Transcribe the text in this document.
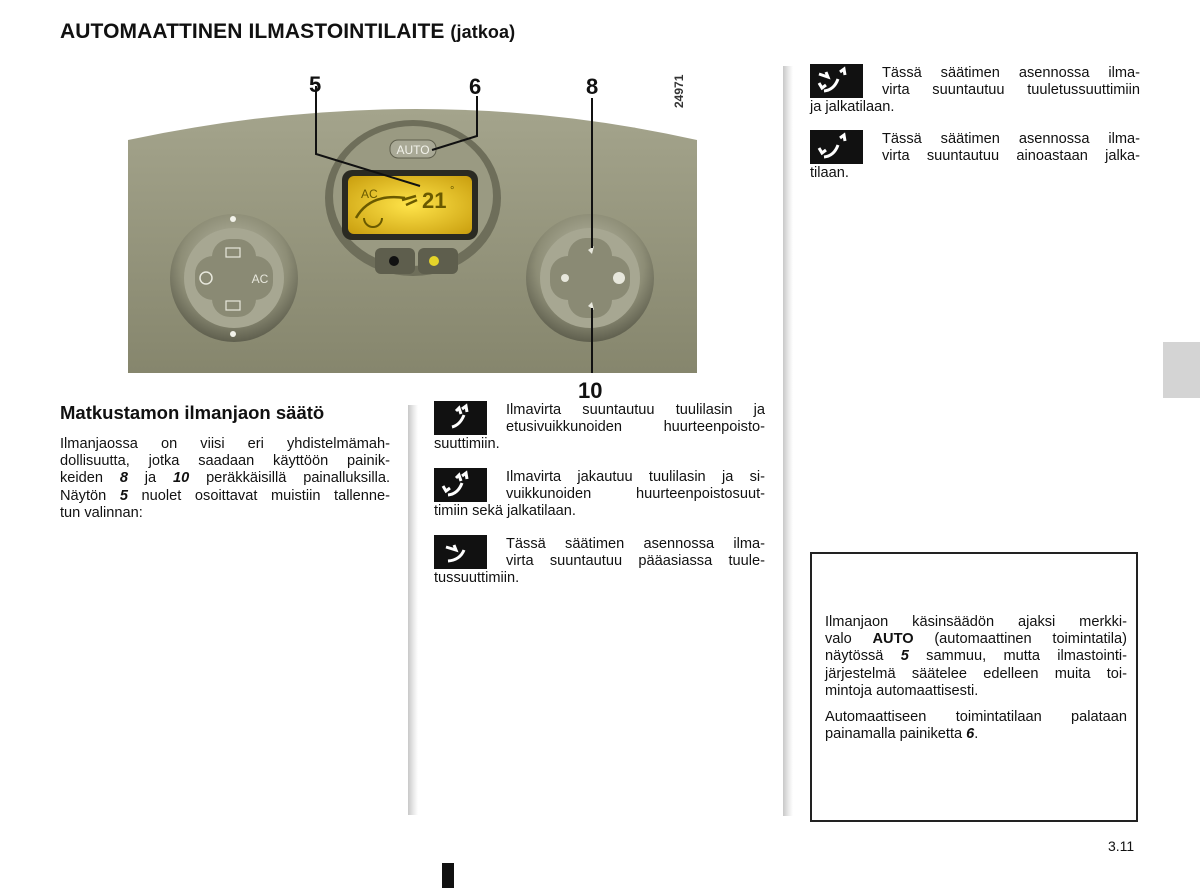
AUTOMAATTINEN ILMASTOINTILAITE (jatkoa)
AUTO
AC 21 °
AC
5	6	8
10
24971
Matkustamon ilmanjaon säätö
Ilmanjaossa on viisi eri yhdistelmämah-
dollisuutta, jotka saadaan käyttöön painik-
keiden 8 ja 10 peräkkäisillä painalluksilla.
Näytön 5 nuolet osoittavat muistiin tallenne-
tun valinnan:
Ilmavirta suuntautuu tuulilasin ja
etusivuikkunoiden huurteenpoisto-
suuttimiin.
Ilmavirta jakautuu tuulilasin ja si-
vuikkunoiden huurteenpoistosuut-
timiin sekä jalkatilaan.
Tässä säätimen asennossa ilma-
virta suuntautuu pääasiassa tuule-
tussuuttimiin.
Tässä säätimen asennossa ilma-
virta suuntautuu tuuletussuuttimiin
ja jalkatilaan.
Tässä säätimen asennossa ilma-
virta suuntautuu ainoastaan jalka-
tilaan.
Ilmanjaon käsinsäädön ajaksi merkki-
valo AUTO (automaattinen toimintatila)
näytössä 5 sammuu, mutta ilmastointi-
järjestelmä säätelee edelleen muita toi-
mintoja automaattisesti.
Automaattiseen toimintatilaan palataan
painamalla painiketta 6.
3.11
